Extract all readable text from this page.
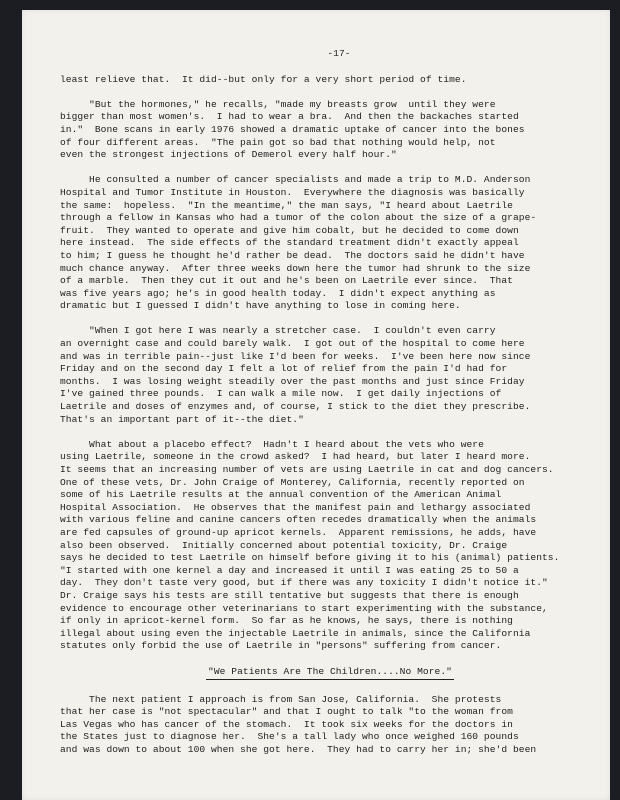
-17-
least relieve that.  It did--but only for a very short period of time.
"But the hormones," he recalls, "made my breasts grow  until they were
bigger than most women's.  I had to wear a bra.  And then the backaches started
in."  Bone scans in early 1976 showed a dramatic uptake of cancer into the bones
of four different areas.  "The pain got so bad that nothing would help, not
even the strongest injections of Demerol every half hour."
He consulted a number of cancer specialists and made a trip to M.D. Anderson
Hospital and Tumor Institute in Houston.  Everywhere the diagnosis was basically
the same:  hopeless.  "In the meantime," the man says, "I heard about Laetrile
through a fellow in Kansas who had a tumor of the colon about the size of a grape-
fruit.  They wanted to operate and give him cobalt, but he decided to come down
here instead.  The side effects of the standard treatment didn't exactly appeal
to him; I guess he thought he'd rather be dead.  The doctors said he didn't have
much chance anyway.  After three weeks down here the tumor had shrunk to the size
of a marble.  Then they cut it out and he's been on Laetrile ever since.  That
was five years ago; he's in good health today.  I didn't expect anything as
dramatic but I guessed I didn't have anything to lose in coming here.
"When I got here I was nearly a stretcher case.  I couldn't even carry
an overnight case and could barely walk.  I got out of the hospital to come here
and was in terrible pain--just like I'd been for weeks.  I've been here now since
Friday and on the second day I felt a lot of relief from the pain I'd had for
months.  I was losing weight steadily over the past months and just since Friday
I've gained three pounds.  I can walk a mile now.  I get daily injections of
Laetrile and doses of enzymes and, of course, I stick to the diet they prescribe.
That's an important part of it--the diet."
What about a placebo effect?  Hadn't I heard about the vets who were
using Laetrile, someone in the crowd asked?  I had heard, but later I heard more.
It seems that an increasing number of vets are using Laetrile in cat and dog cancers.
One of these vets, Dr. John Craige of Monterey, California, recently reported on
some of his Laetrile results at the annual convention of the American Animal
Hospital Association.  He observes that the manifest pain and lethargy associated
with various feline and canine cancers often recedes dramatically when the animals
are fed capsules of ground-up apricot kernels.  Apparent remissions, he adds, have
also been observed.  Initially concerned about potential toxicity, Dr. Craige
says he decided to test Laetrile on himself before giving it to his (animal) patients.
"I started with one kernel a day and increased it until I was eating 25 to 50 a
day.  They don't taste very good, but if there was any toxicity I didn't notice it."
Dr. Craige says his tests are still tentative but suggests that there is enough
evidence to encourage other veterinarians to start experimenting with the substance,
if only in apricot-kernel form.  So far as he knows, he says, there is nothing
illegal about using even the injectable Laetrile in animals, since the California
statutes only forbid the use of Laetrile in "persons" suffering from cancer.
"We Patients Are The Children....No More."
The next patient I approach is from San Jose, California.  She protests
that her case is "not spectacular" and that I ought to talk "to the woman from
Las Vegas who has cancer of the stomach.  It took six weeks for the doctors in
the States just to diagnose her.  She's a tall lady who once weighed 160 pounds
and was down to about 100 when she got here.  They had to carry her in; she'd been
